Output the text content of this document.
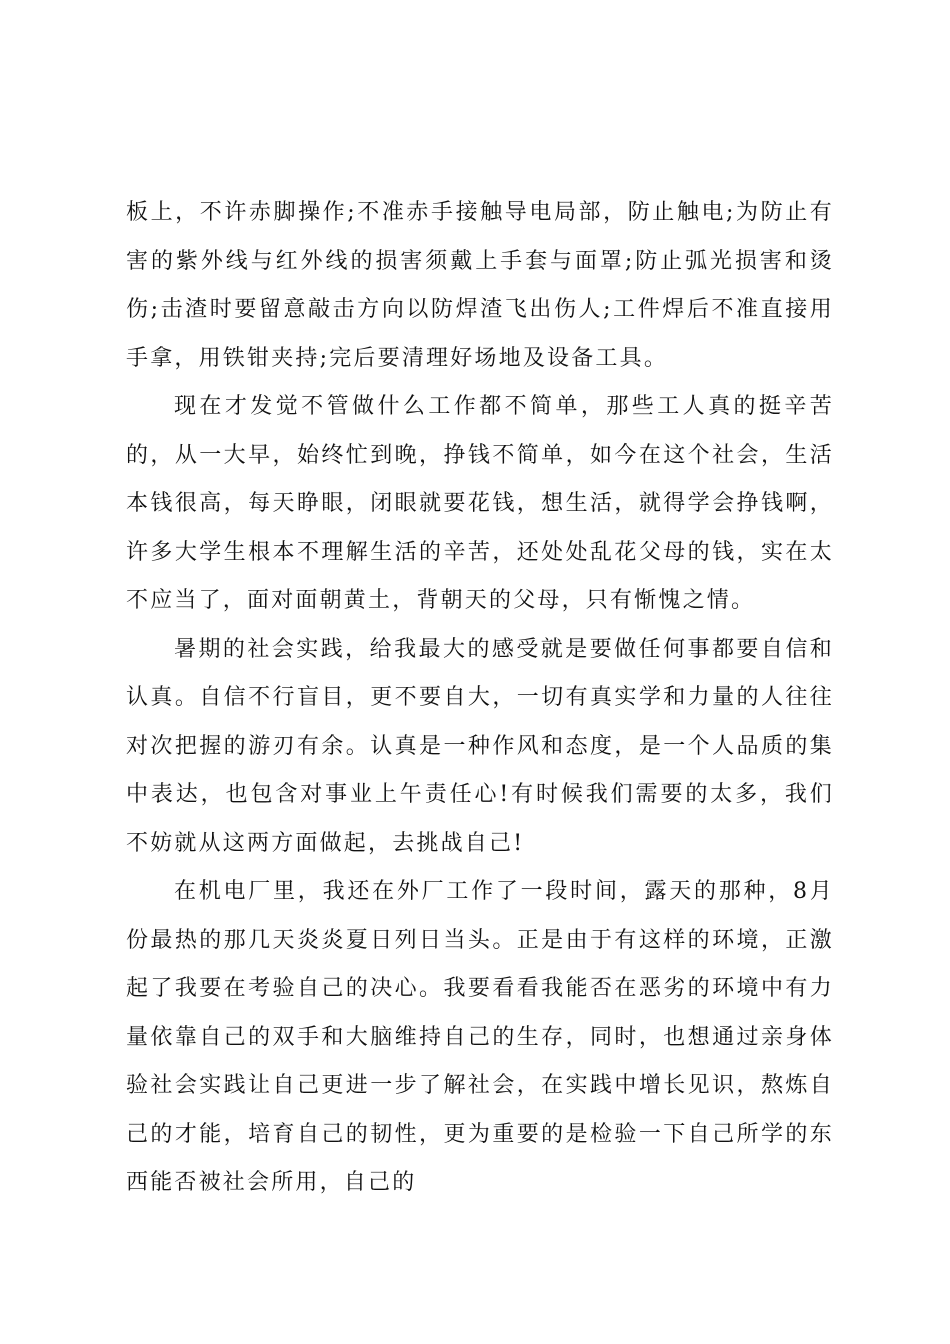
板上，不许赤脚操作;不准赤手接触导电局部，防止触电;为防止有害的紫外线与红外线的损害须戴上手套与面罩;防止弧光损害和烫伤;击渣时要留意敲击方向以防焊渣飞出伤人;工件焊后不准直接用手拿，用铁钳夹持;完后要清理好场地及设备工具。

现在才发觉不管做什么工作都不简单，那些工人真的挺辛苦的，从一大早，始终忙到晚，挣钱不简单，如今在这个社会，生活本钱很高，每天睁眼，闭眼就要花钱，想生活，就得学会挣钱啊，许多大学生根本不理解生活的辛苦，还处处乱花父母的钱，实在太不应当了，面对面朝黄土，背朝天的父母，只有惭愧之情。

暑期的社会实践，给我最大的感受就是要做任何事都要自信和认真。自信不行盲目，更不要自大，一切有真实学和力量的人往往对次把握的游刃有余。认真是一种作风和态度，是一个人品质的集中表达，也包含对事业上午责任心!有时候我们需要的太多，我们不妨就从这两方面做起，去挑战自己!

在机电厂里，我还在外厂工作了一段时间，露天的那种，8月份最热的那几天炎炎夏日列日当头。正是由于有这样的环境，正激起了我要在考验自己的决心。我要看看我能否在恶劣的环境中有力量依靠自己的双手和大脑维持自己的生存，同时，也想通过亲身体验社会实践让自己更进一步了解社会，在实践中增长见识，熬炼自己的才能，培育自己的韧性，更为重要的是检验一下自己所学的东西能否被社会所用，自己的
